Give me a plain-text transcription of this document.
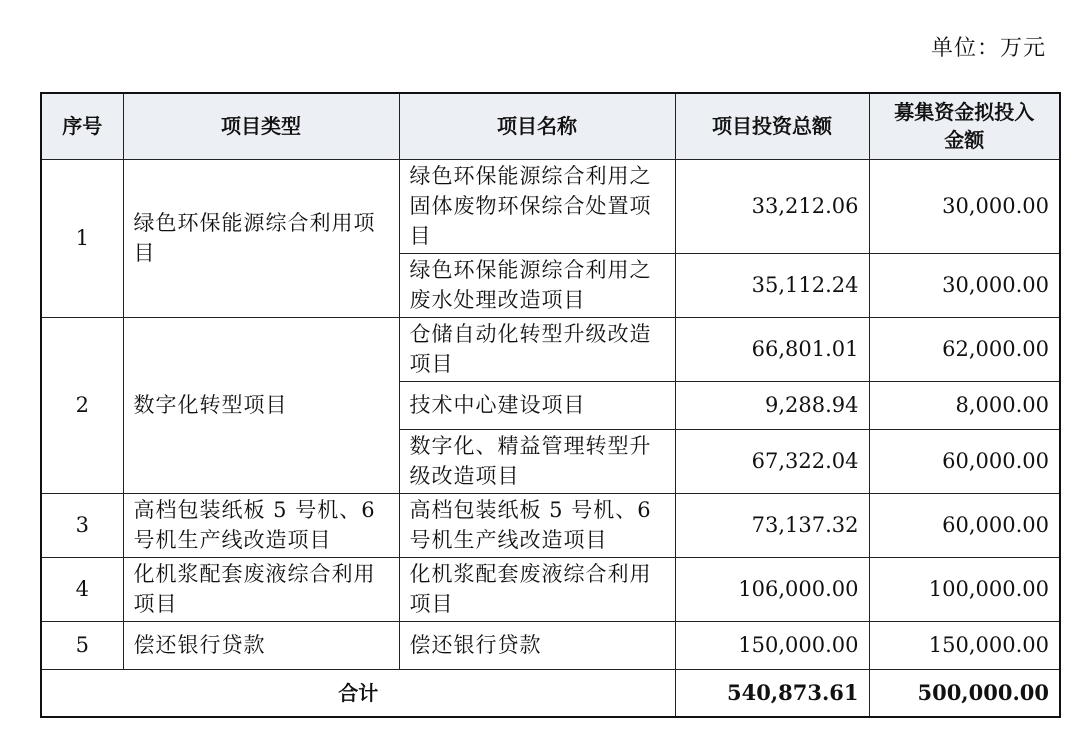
单位：万元
序号	项目类型	项目名称	项目投资总额	募集资金拟投入金额
1	绿色环保能源综合利用项目	绿色环保能源综合利用之固体废物环保综合处置项目	33,212.06	30,000.00
		绿色环保能源综合利用之废水处理改造项目	35,112.24	30,000.00
2	数字化转型项目	仓储自动化转型升级改造项目	66,801.01	62,000.00
		技术中心建设项目	9,288.94	8,000.00
		数字化、精益管理转型升级改造项目	67,322.04	60,000.00
3	高档包装纸板 5 号机、6 号机生产线改造项目	高档包装纸板 5 号机、6 号机生产线改造项目	73,137.32	60,000.00
4	化机浆配套废液综合利用项目	化机浆配套废液综合利用项目	106,000.00	100,000.00
5	偿还银行贷款	偿还银行贷款	150,000.00	150,000.00
合计			540,873.61	500,000.00
